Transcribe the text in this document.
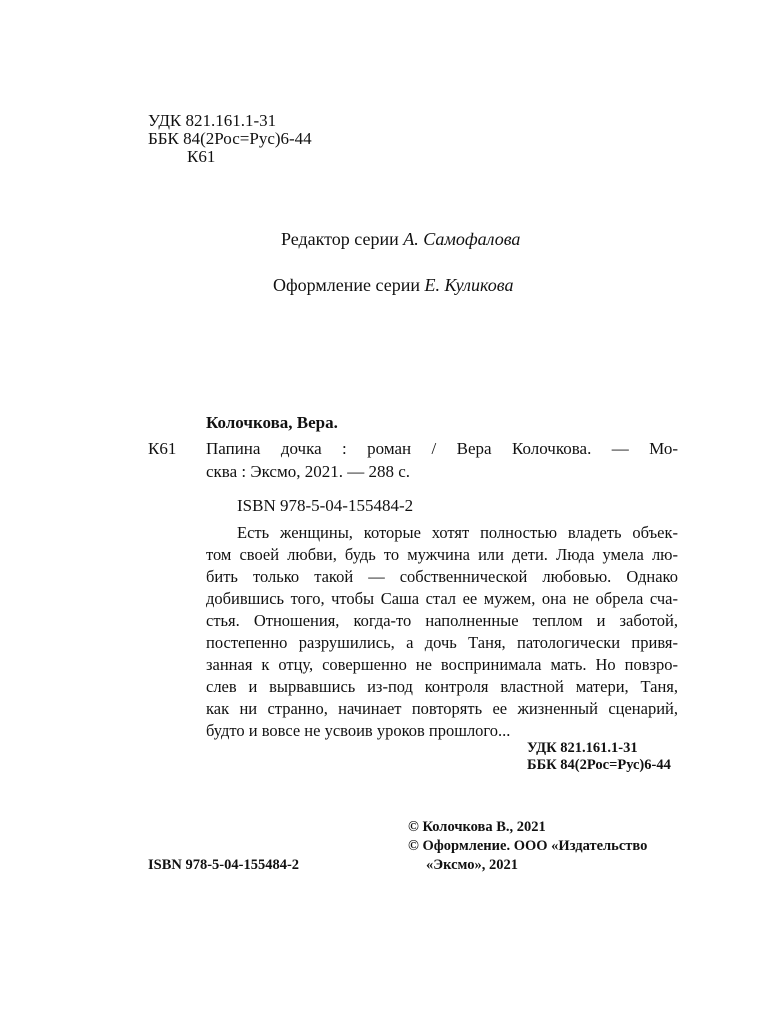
УДК 821.161.1-31
ББК 84(2Рос=Рус)6-44
К61
Редактор серии А. Самофалова
Оформление серии Е. Куликова
Колочкова, Вера.
К61 Папина дочка : роман / Вера Колочкова. — Мо-
сква : Эксмо, 2021. — 288 с.
ISBN 978-5-04-155484-2
Есть женщины, которые хотят полностью владеть объек-
том своей любви, будь то мужчина или дети. Люда умела лю-
бить только такой — собственнической любовью. Однако
добившись того, чтобы Саша стал ее мужем, она не обрела сча-
стья. Отношения, когда-то наполненные теплом и заботой,
постепенно разрушились, а дочь Таня, патологически привя-
занная к отцу, совершенно не воспринимала мать. Но повзро-
слев и вырвавшись из-под контроля властной матери, Таня,
как ни странно, начинает повторять ее жизненный сценарий,
будто и вовсе не усвоив уроков прошлого...
УДК 821.161.1-31
ББК 84(2Рос=Рус)6-44
© Колочкова В., 2021
© Оформление. ООО «Издательство
ISBN 978-5-04-155484-2	«Эксмо», 2021
